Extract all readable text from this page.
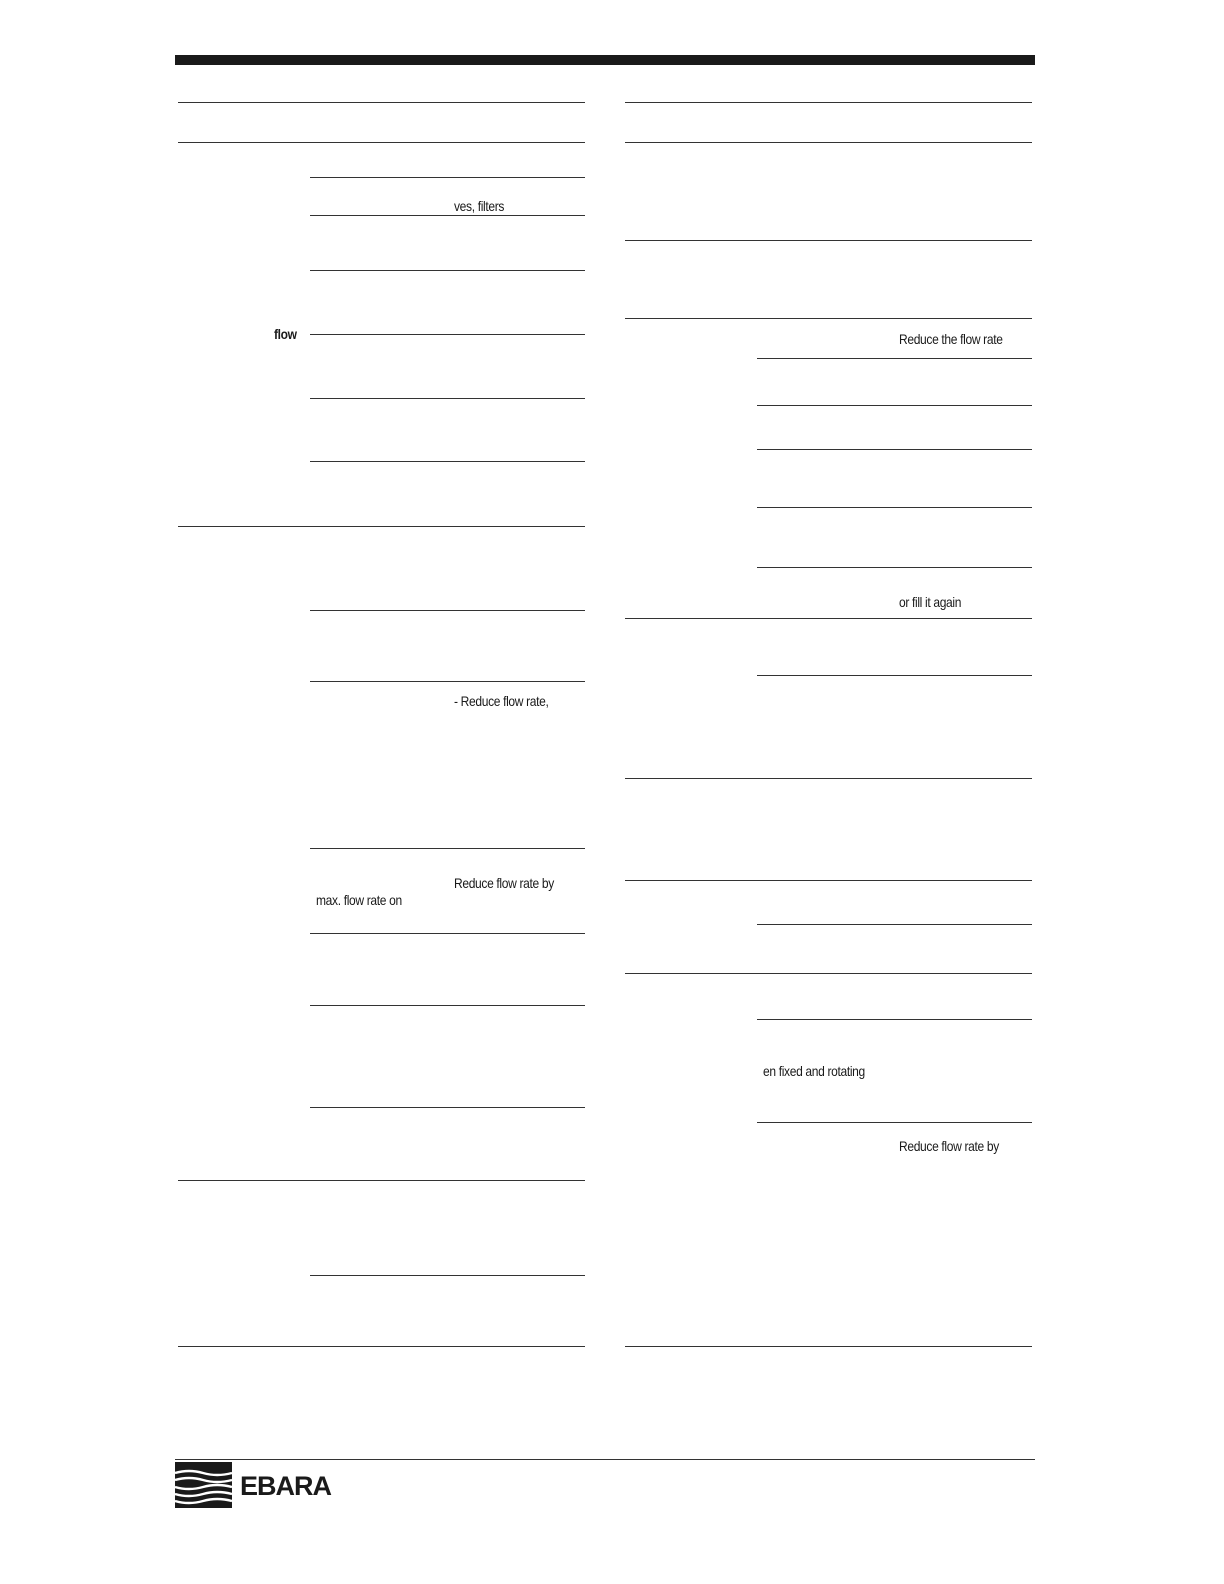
ves, filters
flow
- Reduce flow rate,
Reduce flow rate by
max. flow rate on
Reduce the flow rate
or fill it again
en fixed and rotating
Reduce flow rate by
EBARA
